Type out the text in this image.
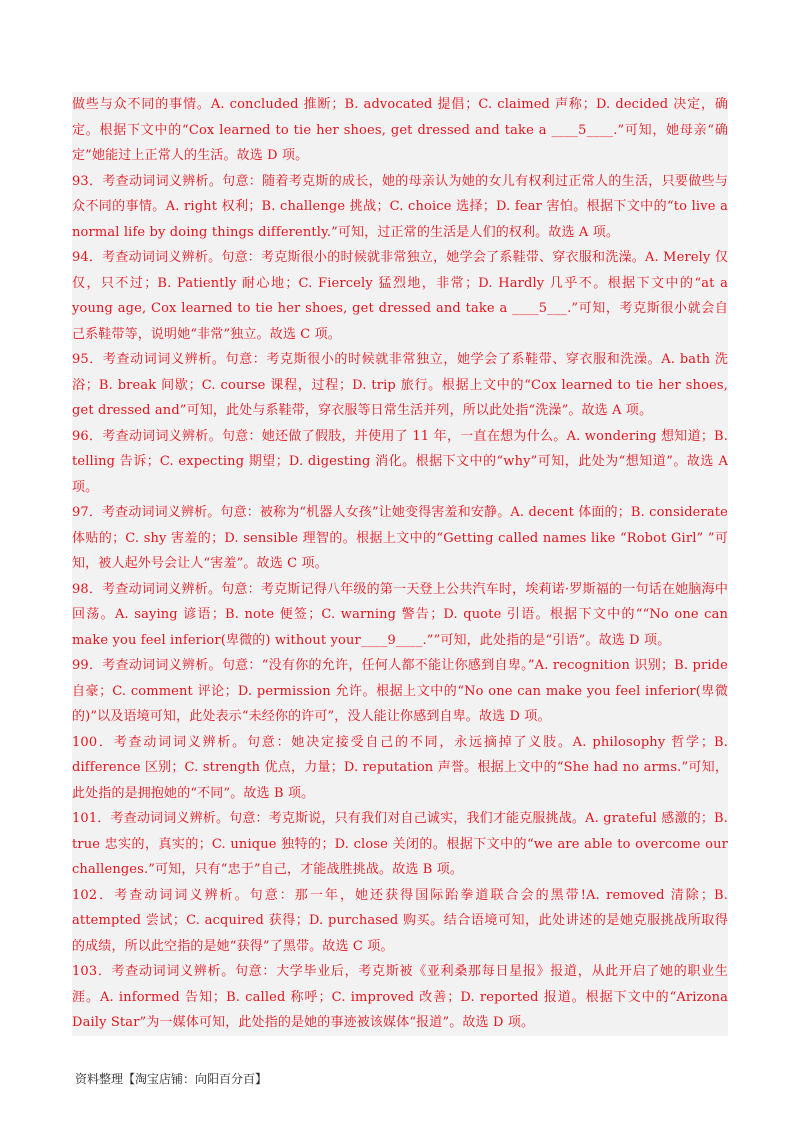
做些与众不同的事情。A. concluded 推断；B. advocated 提倡；C. claimed 声称；D. decided 决定，确定。根据下文中的“Cox learned to tie her shoes, get dressed and take a ____5____.”可知，她母亲“确定”她能过上正常人的生活。故选 D 项。

93．考查动词词义辨析。句意：随着考克斯的成长，她的母亲认为她的女儿有权利过正常人的生活，只要做些与众不同的事情。A. right 权利；B. challenge 挑战；C. choice 选择；D. fear 害怕。根据下文中的“to live a normal life by doing things differently.”可知，过正常的生活是人们的权利。故选 A 项。

94．考查动词词义辨析。句意：考克斯很小的时候就非常独立，她学会了系鞋带、穿衣服和洗澡。A. Merely 仅仅，只不过；B. Patiently 耐心地；C. Fiercely 猛烈地，非常；D. Hardly 几乎不。根据下文中的“at a young age, Cox learned to tie her shoes, get dressed and take a ____5___.”可知，考克斯很小就会自己系鞋带等，说明她“非常”独立。故选 C 项。

95．考查动词词义辨析。句意：考克斯很小的时候就非常独立，她学会了系鞋带、穿衣服和洗澡。A. bath 洗浴；B. break 间歇；C. course 课程，过程；D. trip 旅行。根据上文中的“Cox learned to tie her shoes, get dressed and”可知，此处与系鞋带，穿衣服等日常生活并列，所以此处指“洗澡”。故选 A 项。

96．考查动词词义辨析。句意：她还做了假肢，并使用了 11 年，一直在想为什么。A. wondering 想知道；B. telling 告诉；C. expecting 期望；D. digesting 消化。根据下文中的“why”可知，此处为“想知道”。故选 A 项。

97．考查动词词义辨析。句意：被称为“机器人女孩”让她变得害羞和安静。A. decent 体面的；B. considerate 体贴的；C. shy 害羞的；D. sensible 理智的。根据上文中的“Getting called names like “Robot Girl” ”可知，被人起外号会让人“害羞”。故选 C 项。

98．考查动词词义辨析。句意：考克斯记得八年级的第一天登上公共汽车时，埃莉诺·罗斯福的一句话在她脑海中回荡。A. saying 谚语；B. note 便签；C. warning 警告；D. quote 引语。根据下文中的““No one can make you feel inferior(卑微的) without your____9____.””可知，此处指的是“引语”。故选 D 项。

99．考查动词词义辨析。句意：“没有你的允许，任何人都不能让你感到自卑。”A. recognition 识别；B. pride 自豪；C. comment 评论；D. permission 允许。根据上文中的“No one can make you feel inferior(卑微的)”以及语境可知，此处表示“未经你的许可”，没人能让你感到自卑。故选 D 项。

100．考查动词词义辨析。句意：她决定接受自己的不同，永远摘掉了义肢。A. philosophy 哲学；B. difference 区别；C. strength 优点，力量；D. reputation 声誉。根据上文中的“She had no arms.”可知，此处指的是拥抱她的“不同”。故选 B 项。

101．考查动词词义辨析。句意：考克斯说，只有我们对自己诚实，我们才能克服挑战。A. grateful 感激的；B. true 忠实的，真实的；C. unique 独特的；D. close 关闭的。根据下文中的“we are able to overcome our challenges.”可知，只有“忠于”自己，才能战胜挑战。故选 B 项。

102．考查动词词义辨析。句意：那一年，她还获得国际跆拳道联合会的黑带!A. removed 清除；B. attempted 尝试；C. acquired 获得；D. purchased 购买。结合语境可知，此处讲述的是她克服挑战所取得的成绩，所以此空指的是她“获得”了黑带。故选 C 项。

103．考查动词词义辨析。句意：大学毕业后，考克斯被《亚利桑那每日星报》报道，从此开启了她的职业生涯。A. informed 告知；B. called 称呼；C. improved 改善；D. reported 报道。根据下文中的“Arizona Daily Star”为一媒体可知，此处指的是她的事迹被该媒体“报道”。故选 D 项。

资料整理【淘宝店铺：向阳百分百】
